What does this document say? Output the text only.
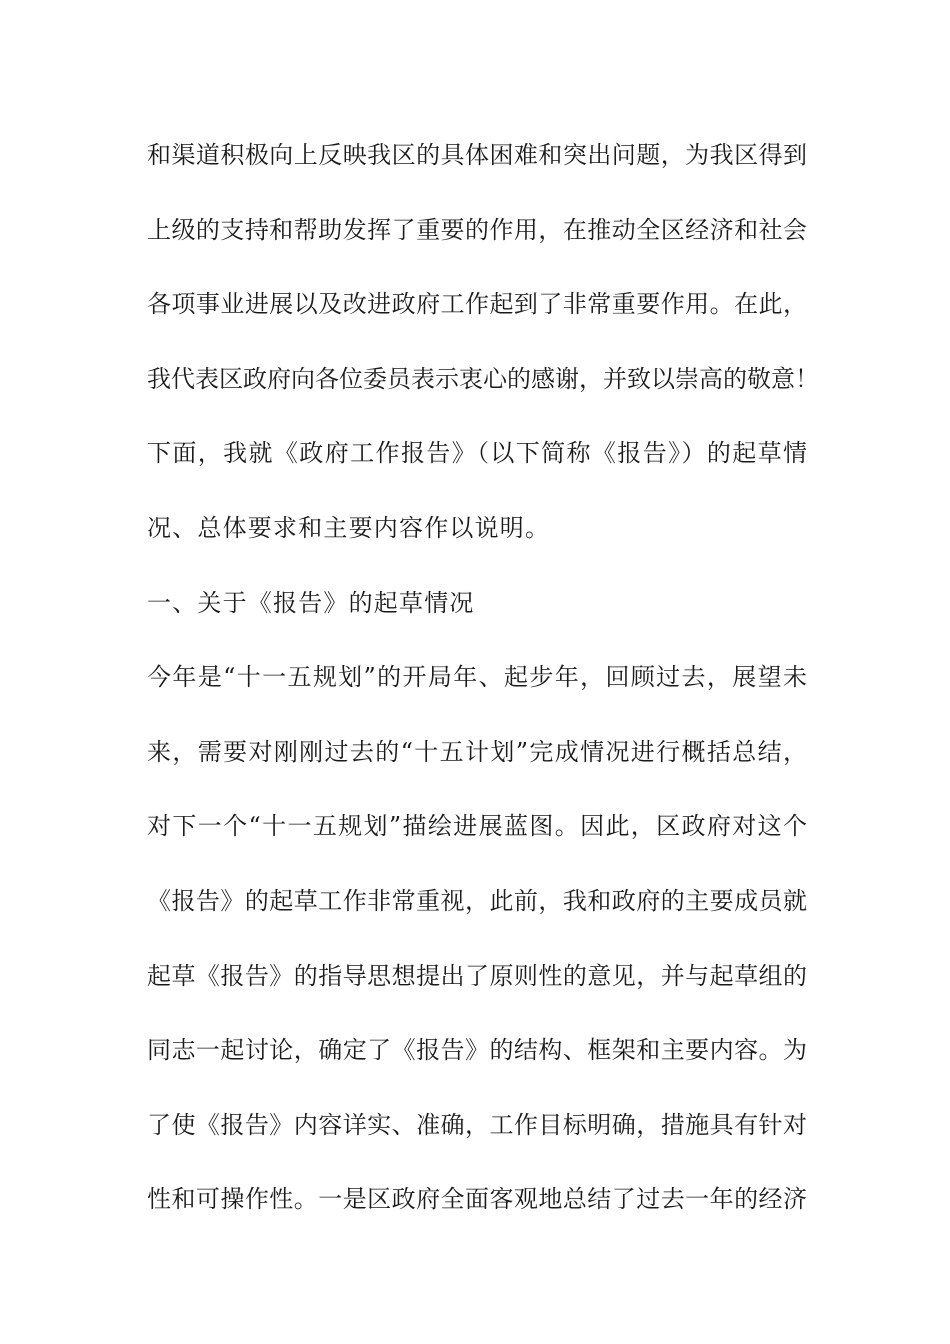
和渠道积极向上反映我区的具体困难和突出问题，为我区得到
上级的支持和帮助发挥了重要的作用，在推动全区经济和社会
各项事业进展以及改进政府工作起到了非常重要作用。在此，
我代表区政府向各位委员表示衷心的感谢，并致以崇高的敬意！
下面，我就《政府工作报告》（以下简称《报告》）的起草情
况、总体要求和主要内容作以说明。
一、关于《报告》的起草情况
今年是“十一五规划”的开局年、起步年，回顾过去，展望未
来，需要对刚刚过去的“十五计划”完成情况进行概括总结，
对下一个“十一五规划”描绘进展蓝图。因此，区政府对这个
《报告》的起草工作非常重视，此前，我和政府的主要成员就
起草《报告》的指导思想提出了原则性的意见，并与起草组的
同志一起讨论，确定了《报告》的结构、框架和主要内容。为
了使《报告》内容详实、准确，工作目标明确，措施具有针对
性和可操作性。一是区政府全面客观地总结了过去一年的经济
